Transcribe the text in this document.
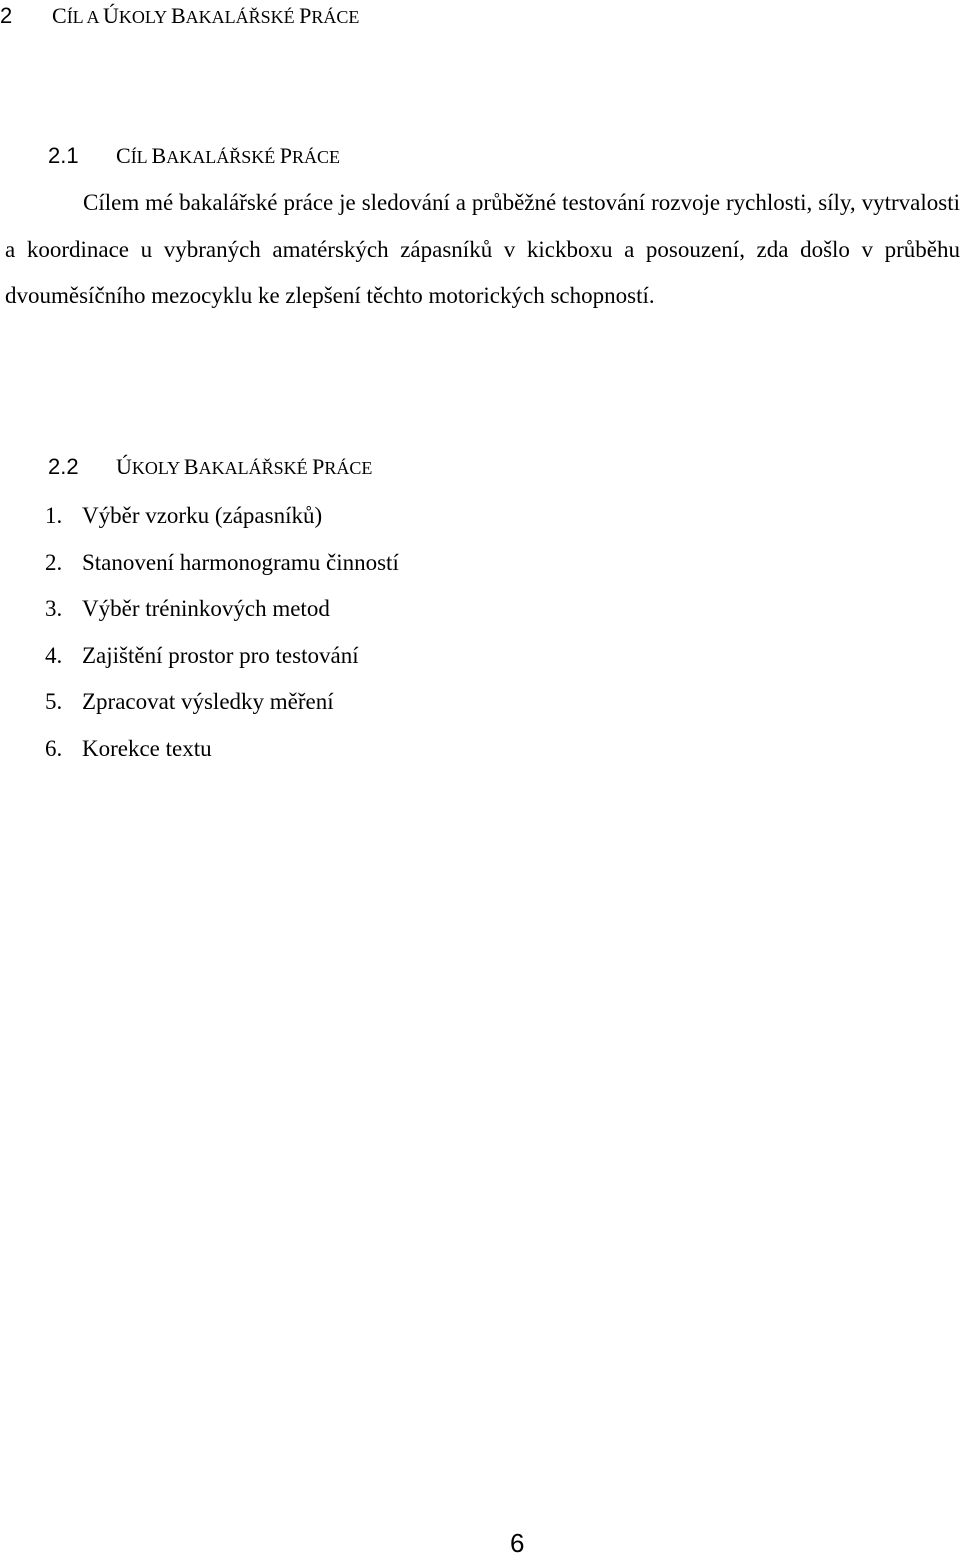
2 CÍL A ÚKOLY BAKALÁŘSKÉ PRÁCE
2.1 CÍL BAKALÁŘSKÉ PRÁCE

Cílem mé bakalářské práce je sledování a průběžné testování rozvoje rychlosti, síly, vytrvalosti a koordinace u vybraných amatérských zápasníků v kickboxu a posouzení, zda došlo v průběhu dvouměsíčního mezocyklu ke zlepšení těchto motorických schopností.

2.2 ÚKOLY BAKALÁŘSKÉ PRÁCE
1. Výběr vzorku (zápasníků)
2. Stanovení harmonogramu činností
3. Výběr tréninkových metod
4. Zajištění prostor pro testování
5. Zpracovat výsledky měření
6. Korekce textu
6
